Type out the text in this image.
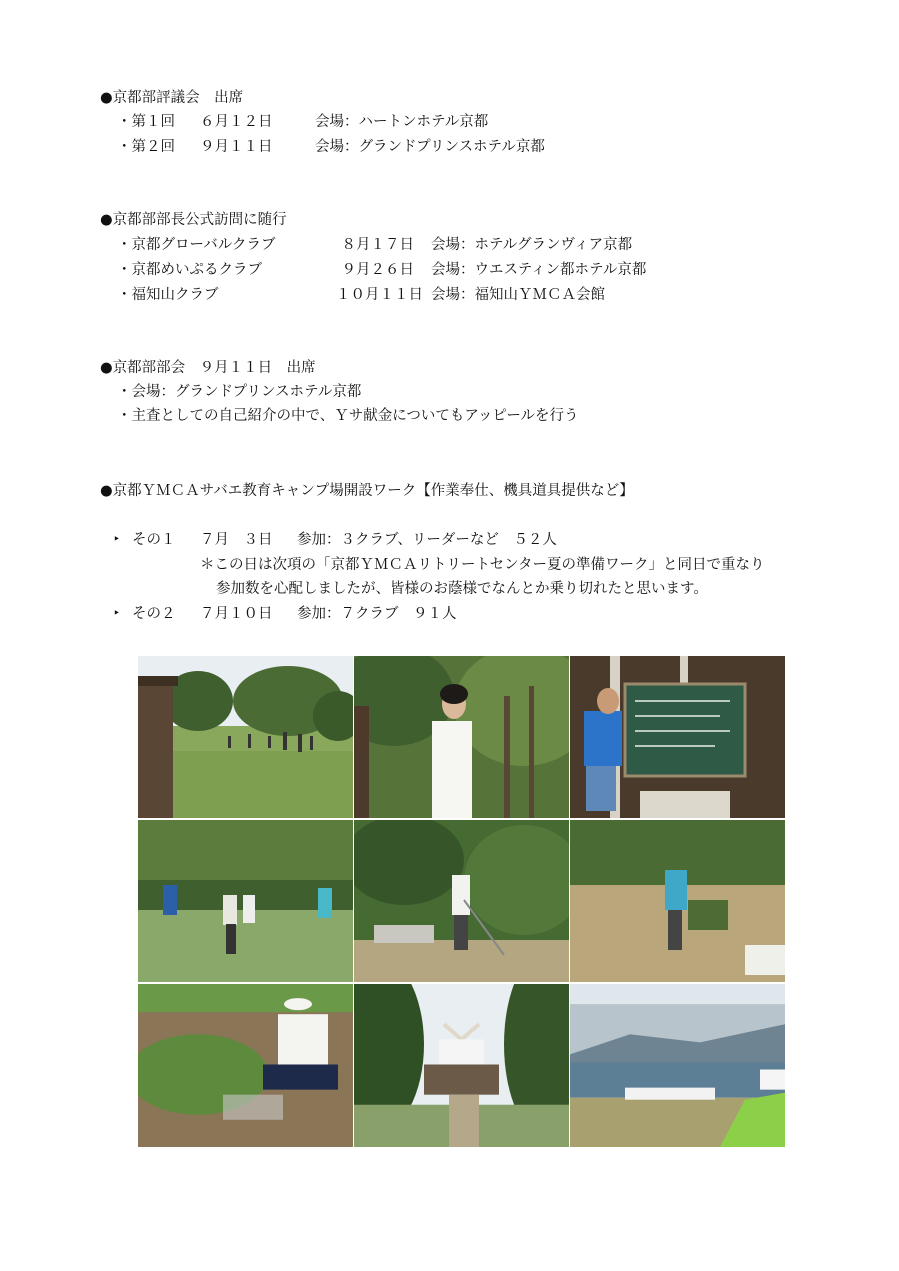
●京都部評議会　出席
・第１回	６月１２日	会場：ハートンホテル京都
・第２回	９月１１日	会場：グランドプリンスホテル京都
●京都部部長公式訪問に随行
・京都グローバルクラブ	８月１７日 会場：ホテルグランヴィア京都
・京都めいぷるクラブ	９月２６日 会場：ウエスティン都ホテル京都
・福知山クラブ	１０月１１日 会場：福知山ＹＭＣＡ会館
●京都部部会　９月１１日　出席
・会場：グランドプリンスホテル京都
・主査としての自己紹介の中で、Ｙサ献金についてもアッピールを行う
●京都ＹＭＣＡサバエ教育キャンプ場開設ワーク【作業奉仕、機具道具提供など】
‣ その１	７月　３日	参加：３クラブ、リーダーなど　５２人
＊この日は次項の「京都ＹＭＣＡリトリートセンター夏の準備ワーク」と同日で重なり
参加数を心配しましたが、皆様のお蔭様でなんとか乗り切れたと思います。
‣ その２	７月１０日	参加：７クラブ　９１人
